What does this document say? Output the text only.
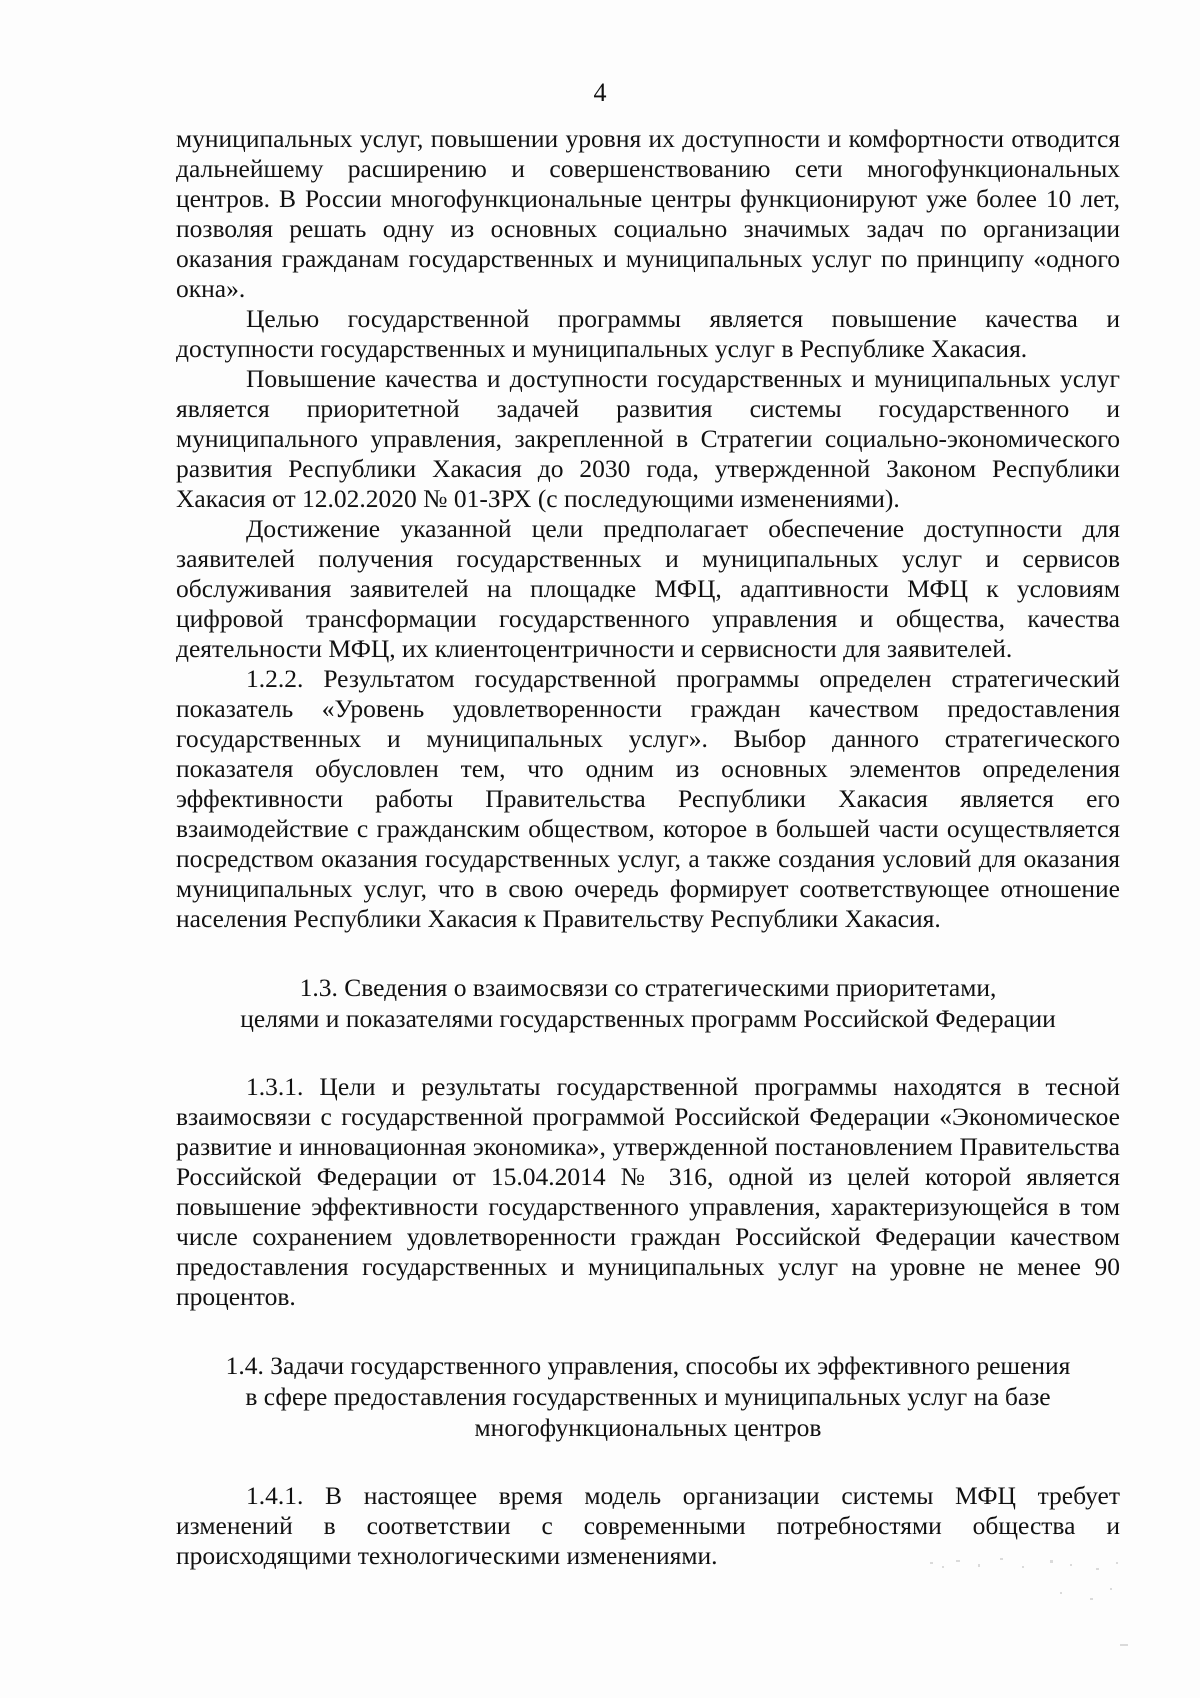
4

муниципальных услуг, повышении уровня их доступности и комфортности отводится дальнейшему расширению и совершенствованию сети многофункциональных центров. В России многофункциональные центры функционируют уже более 10 лет, позволяя решать одну из основных социально значимых задач по организации оказания гражданам государственных и муниципальных услуг по принципу «одного окна».

Целью государственной программы является повышение качества и доступности государственных и муниципальных услуг в Республике Хакасия.

Повышение качества и доступности государственных и муниципальных услуг является приоритетной задачей развития системы государственного и муниципального управления, закрепленной в Стратегии социально-экономического развития Республики Хакасия до 2030 года, утвержденной Законом Республики Хакасия от 12.02.2020 № 01-ЗРХ (с последующими изменениями).

Достижение указанной цели предполагает обеспечение доступности для заявителей получения государственных и муниципальных услуг и сервисов обслуживания заявителей на площадке МФЦ, адаптивности МФЦ к условиям цифровой трансформации государственного управления и общества, качества деятельности МФЦ, их клиентоцентричности и сервисности для заявителей.

1.2.2. Результатом государственной программы определен стратегический показатель «Уровень удовлетворенности граждан качеством предоставления государственных и муниципальных услуг». Выбор данного стратегического показателя обусловлен тем, что одним из основных элементов определения эффективности работы Правительства Республики Хакасия является его взаимодействие с гражданским обществом, которое в большей части осуществляется посредством оказания государственных услуг, а также создания условий для оказания муниципальных услуг, что в свою очередь формирует соответствующее отношение населения Республики Хакасия к Правительству Республики Хакасия.

1.3. Сведения о взаимосвязи со стратегическими приоритетами,

целями и показателями государственных программ Российской Федерации

1.3.1. Цели и результаты государственной программы находятся в тесной взаимосвязи с государственной программой Российской Федерации «Экономическое развитие и инновационная экономика», утвержденной постановлением Правительства Российской Федерации от 15.04.2014 № 316, одной из целей которой является повышение эффективности государственного управления, характеризующейся в том числе сохранением удовлетворенности граждан Российской Федерации качеством предоставления государственных и муниципальных услуг на уровне не менее 90 процентов.

1.4. Задачи государственного управления, способы их эффективного решения

в сфере предоставления государственных и муниципальных услуг на базе

многофункциональных центров

1.4.1. В настоящее время модель организации системы МФЦ требует изменений в соответствии с современными потребностями общества и происходящими технологическими изменениями.
